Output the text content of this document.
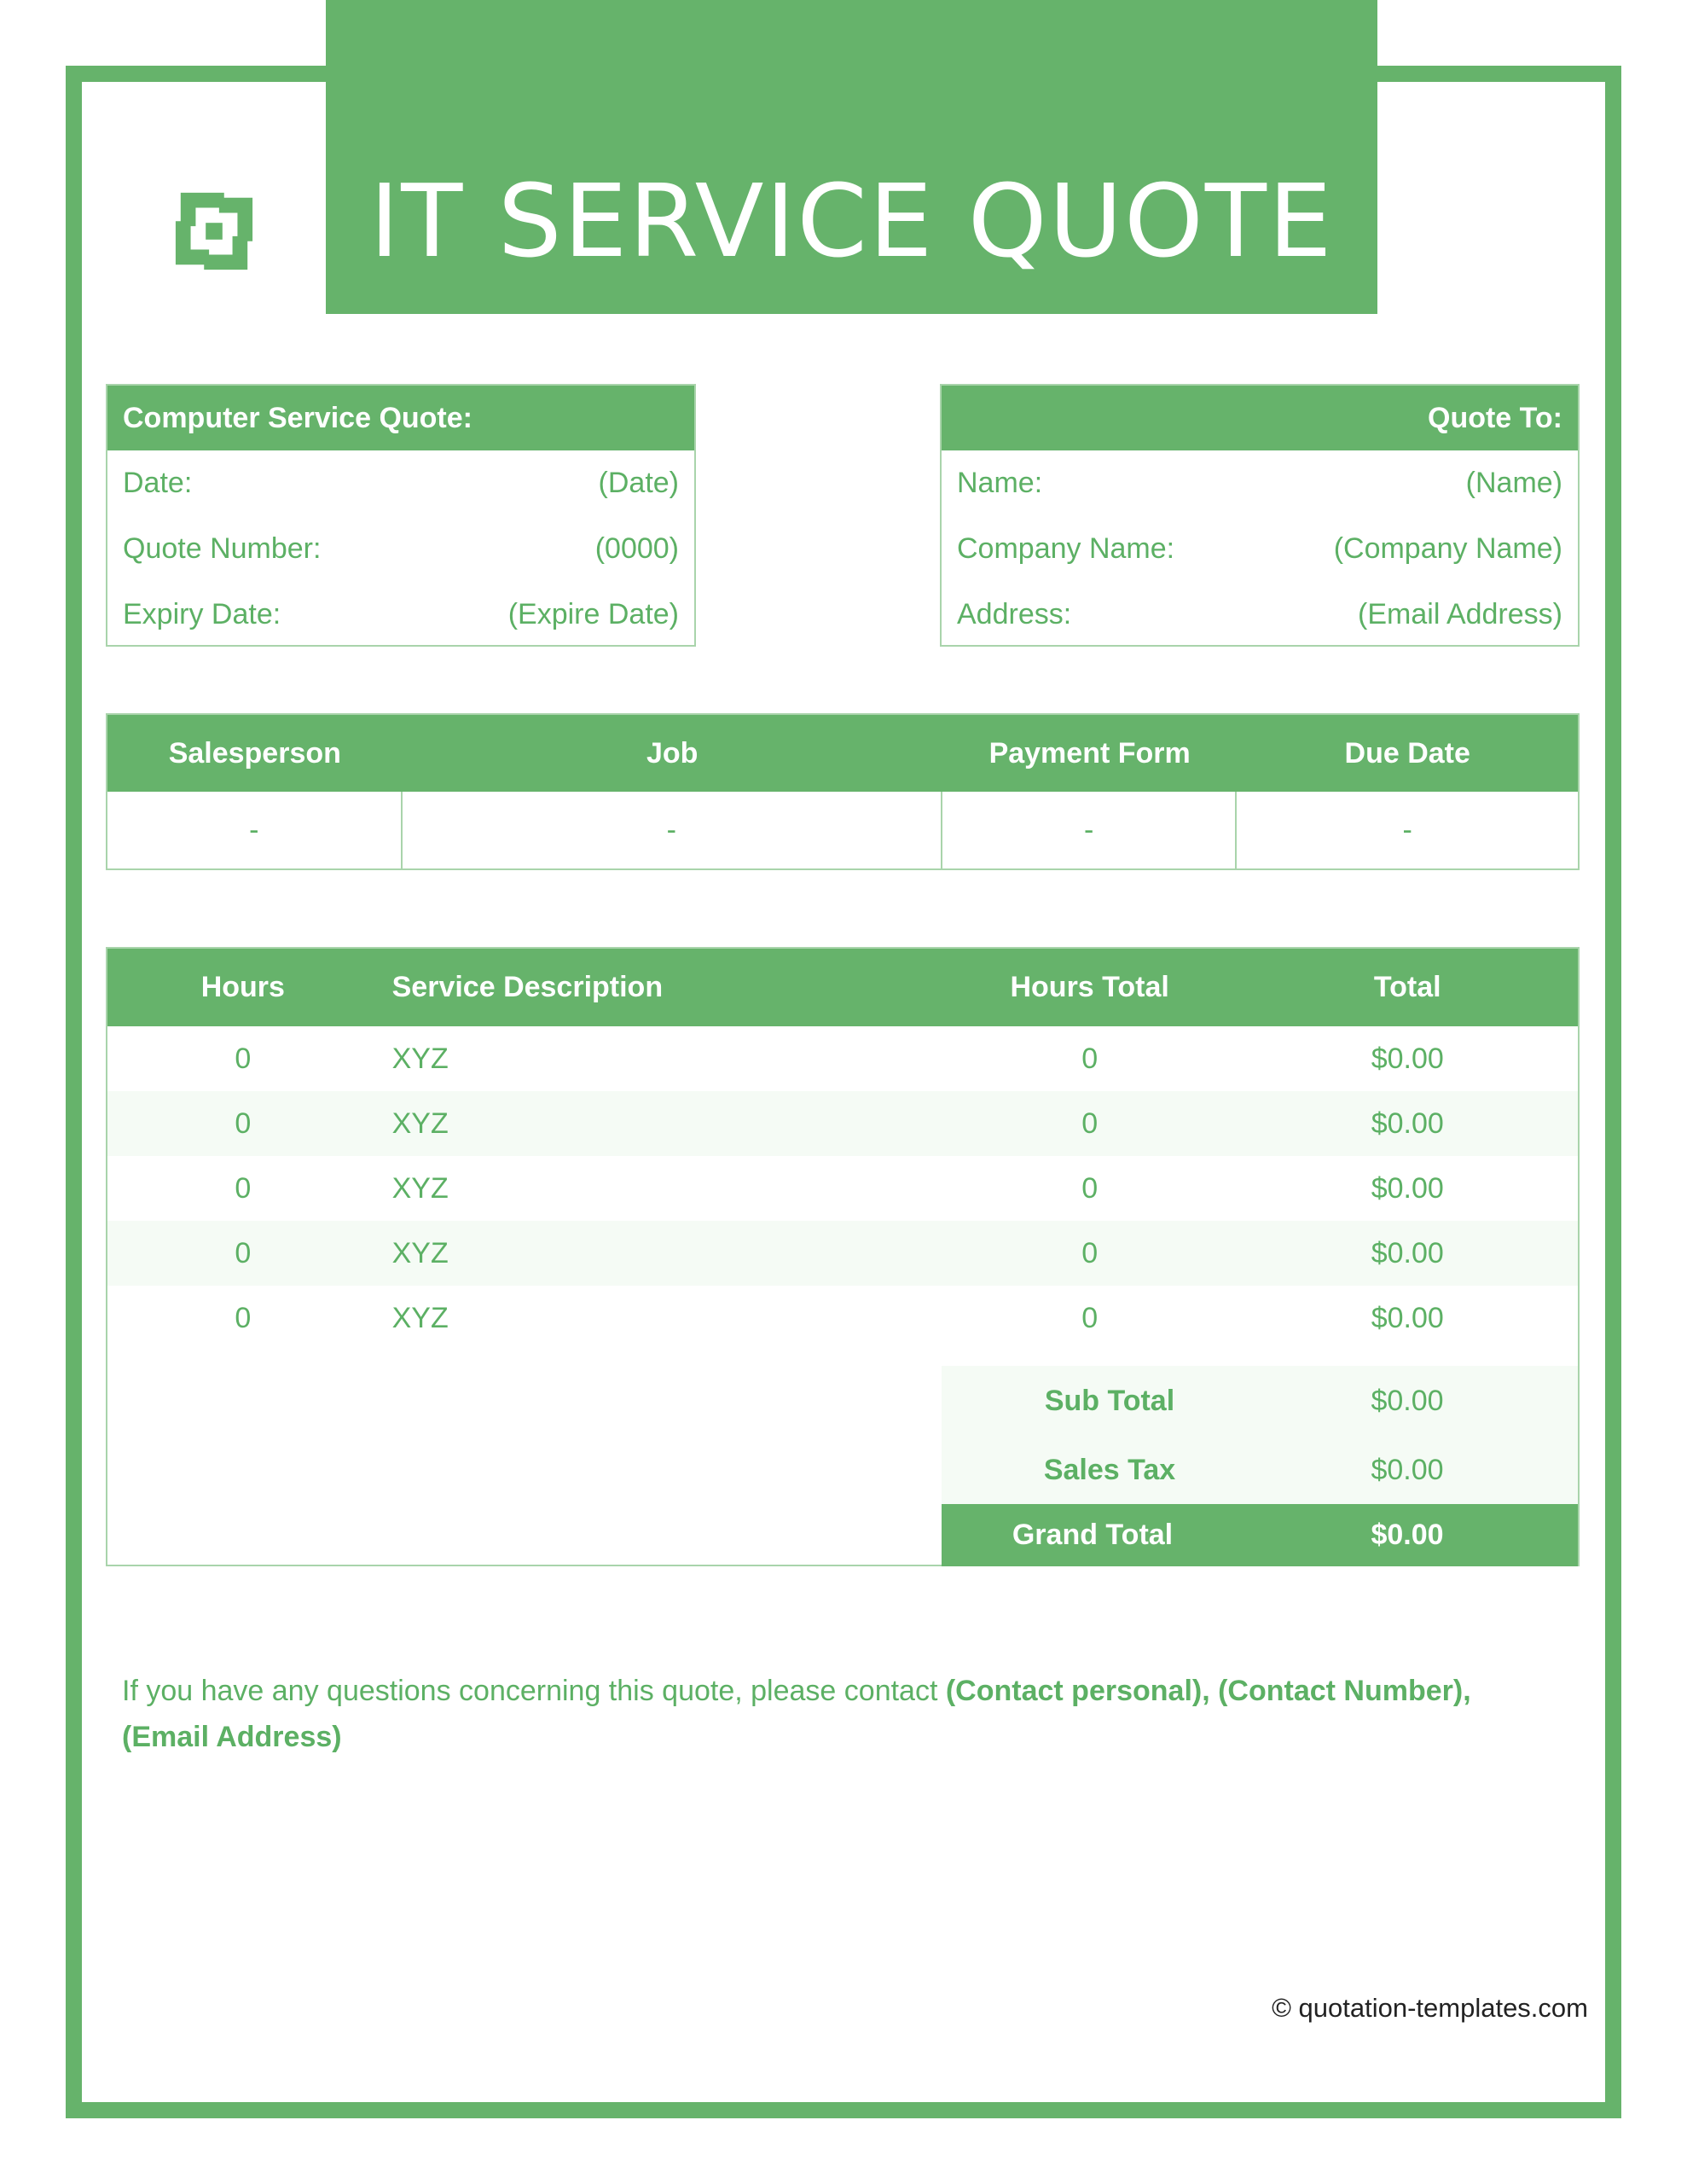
IT SERVICE QUOTE
Computer Service Quote:
Date:	(Date)
Quote Number:	(0000)
Expiry Date:	(Expire Date)
Quote To:
Name:	(Name)
Company Name:	(Company Name)
Address:	(Email Address)
Salesperson	Job	Payment Form	Due Date
-	-	-	-
Hours	Service Description	Hours Total	Total
0	XYZ	0	$0.00
0	XYZ	0	$0.00
0	XYZ	0	$0.00
0	XYZ	0	$0.00
0	XYZ	0	$0.00
Sub Total	$0.00
Sales Tax	$0.00
Grand Total	$0.00
If you have any questions concerning this quote, please contact (Contact personal), (Contact Number),
(Email Address)
© quotation-templates.com
